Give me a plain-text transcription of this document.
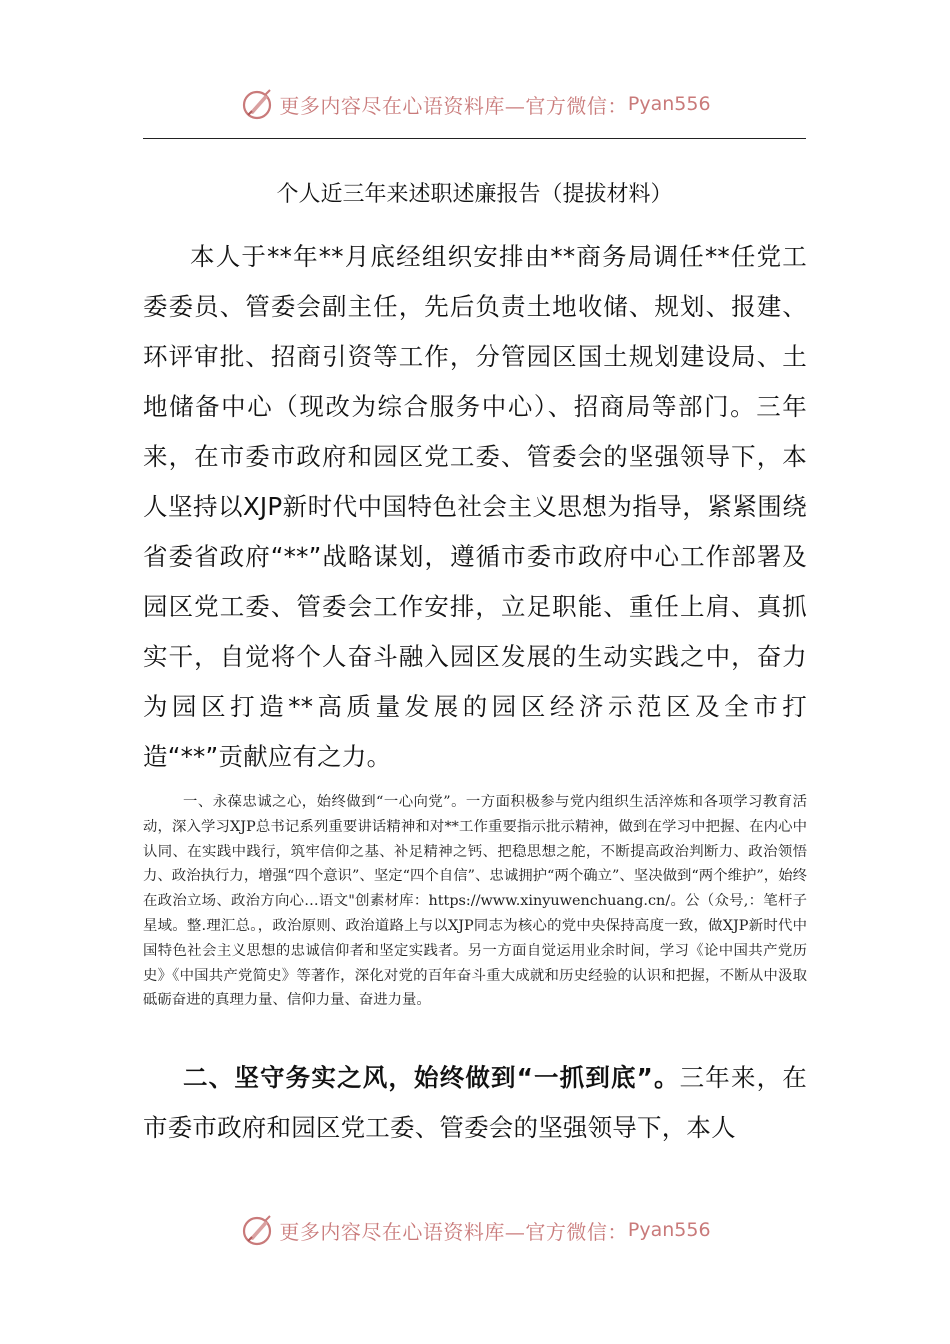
更多内容尽在心语资料库—官方微信： Pyan556
个人近三年来述职述廉报告（提拔材料）
本人于**年**月底经组织安排由**商务局调任**任党工委委员、管委会副主任，先后负责土地收储、规划、报建、环评审批、招商引资等工作，分管园区国土规划建设局、土地储备中心（现改为综合服务中心）、招商局等部门。三年来，在市委市政府和园区党工委、管委会的坚强领导下，本人坚持以XJP新时代中国特色社会主义思想为指导，紧紧围绕省委省政府“**”战略谋划，遵循市委市政府中心工作部署及园区党工委、管委会工作安排，立足职能、重任上肩、真抓实干，自觉将个人奋斗融入园区发展的生动实践之中，奋力为园区打造**高质量发展的园区经济示范区及全市打造“**”贡献应有之力。
一、永葆忠诚之心，始终做到“一心向党”。一方面积极参与党内组织生活淬炼和各项学习教育活动，深入学习XJP总书记系列重要讲话精神和对**工作重要指示批示精神，做到在学习中把握、在内心中认同、在实践中践行，筑牢信仰之基、补足精神之钙、把稳思想之舵，不断提高政治判断力、政治领悟力、政治执行力，增强“四个意识”、坚定“四个自信”、忠诚拥护“两个确立”、坚决做到“两个维护”，始终在政治立场、政治方向心…语文"创素材库：https://www.xinyuwenchuang.cn/。公（众号,：笔杆子星域。整.理汇总。，政治原则、政治道路上与以XJP同志为核心的党中央保持高度一致，做XJP新时代中国特色社会主义思想的忠诚信仰者和坚定实践者。另一方面自觉运用业余时间，学习《论中国共产党历史》《中国共产党简史》等著作，深化对党的百年奋斗重大成就和历史经验的认识和把握，不断从中汲取砥砺奋进的真理力量、信仰力量、奋进力量。
二、坚守务实之风，始终做到“一抓到底”。三年来，在市委市政府和园区党工委、管委会的坚强领导下，本人
更多内容尽在心语资料库—官方微信： Pyan556
